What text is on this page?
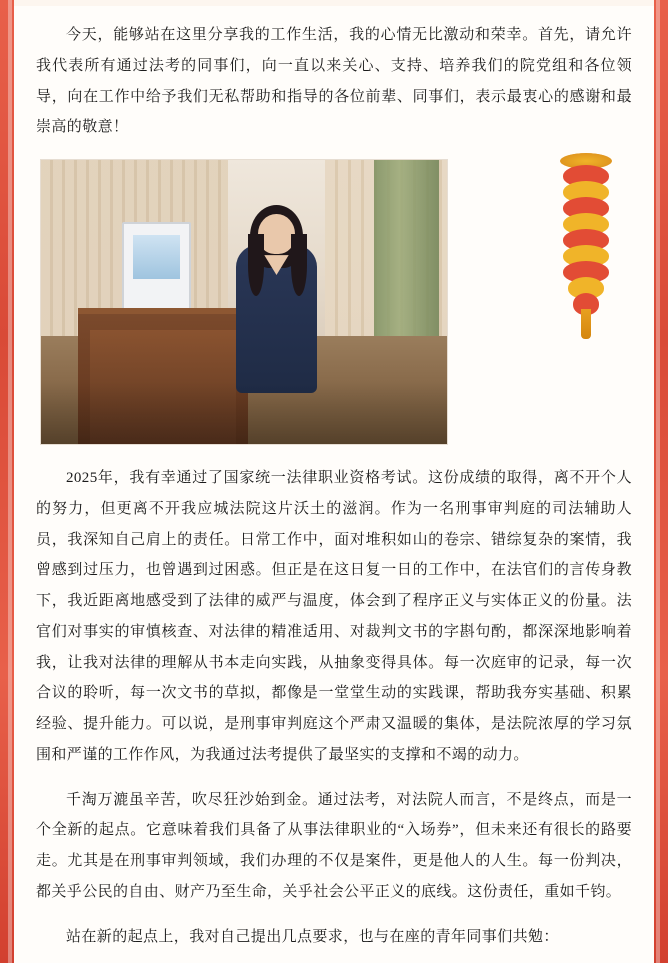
今天，能够站在这里分享我的工作生活，我的心情无比激动和荣幸。首先，请允许我代表所有通过法考的同事们，向一直以来关心、支持、培养我们的院党组和各位领导，向在工作中给予我们无私帮助和指导的各位前辈、同事们，表示最衷心的感谢和最崇高的敬意！

2025年，我有幸通过了国家统一法律职业资格考试。这份成绩的取得，离不开个人的努力，但更离不开我应城法院这片沃土的滋润。作为一名刑事审判庭的司法辅助人员，我深知自己肩上的责任。日常工作中，面对堆积如山的卷宗、错综复杂的案情，我曾感到过压力，也曾遇到过困惑。但正是在这日复一日的工作中，在法官们的言传身教下，我近距离地感受到了法律的威严与温度，体会到了程序正义与实体正义的份量。法官们对事实的审慎核查、对法律的精准适用、对裁判文书的字斟句酌，都深深地影响着我，让我对法律的理解从书本走向实践，从抽象变得具体。每一次庭审的记录，每一次合议的聆听，每一次文书的草拟，都像是一堂堂生动的实践课，帮助我夯实基础、积累经验、提升能力。可以说，是刑事审判庭这个严肃又温暖的集体，是法院浓厚的学习氛围和严谨的工作作风，为我通过法考提供了最坚实的支撑和不竭的动力。

千淘万漉虽辛苦，吹尽狂沙始到金。通过法考，对法院人而言，不是终点，而是一个全新的起点。它意味着我们具备了从事法律职业的“入场券”，但未来还有很长的路要走。尤其是在刑事审判领域，我们办理的不仅是案件，更是他人的人生。每一份判决，都关乎公民的自由、财产乃至生命，关乎社会公平正义的底线。这份责任，重如千钧。

站在新的起点上，我对自己提出几点要求，也与在座的青年同事们共勉：
